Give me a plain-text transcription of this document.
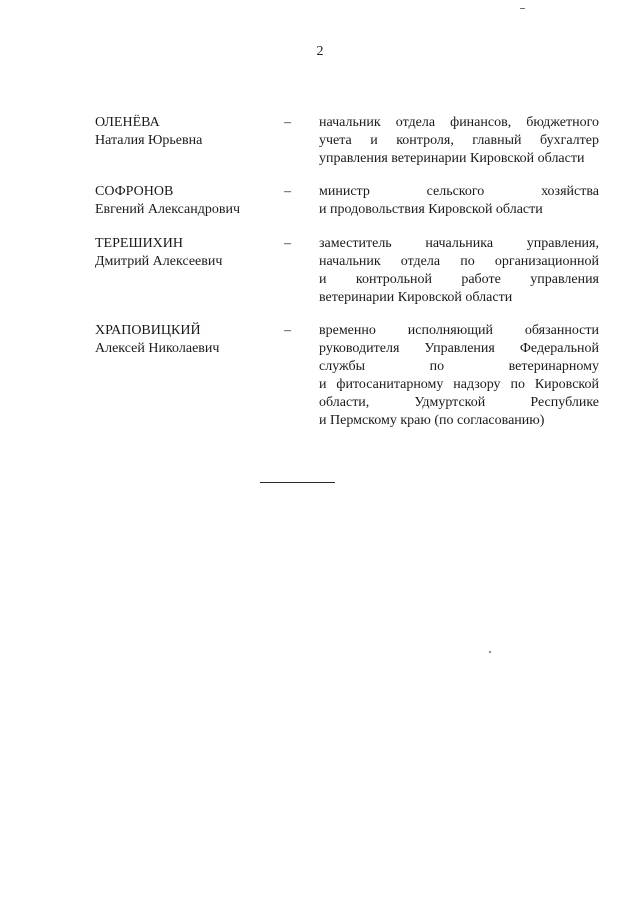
2
ОЛЕНЁВА
Наталия Юрьевна
– начальник отдела финансов, бюджетного
учета и контроля, главный бухгалтер
управления ветеринарии Кировской области
СОФРОНОВ
Евгений Александрович
– министр сельского хозяйства
и продовольствия Кировской области
ТЕРЕШИХИН
Дмитрий Алексеевич
– заместитель начальника управления,
начальник отдела по организационной
и контрольной работе управления
ветеринарии Кировской области
ХРАПОВИЦКИЙ
Алексей Николаевич
– временно исполняющий обязанности
руководителя Управления Федеральной
службы по ветеринарному
и фитосанитарному надзору по Кировской
области, Удмуртской Республике
и Пермскому краю (по согласованию)
